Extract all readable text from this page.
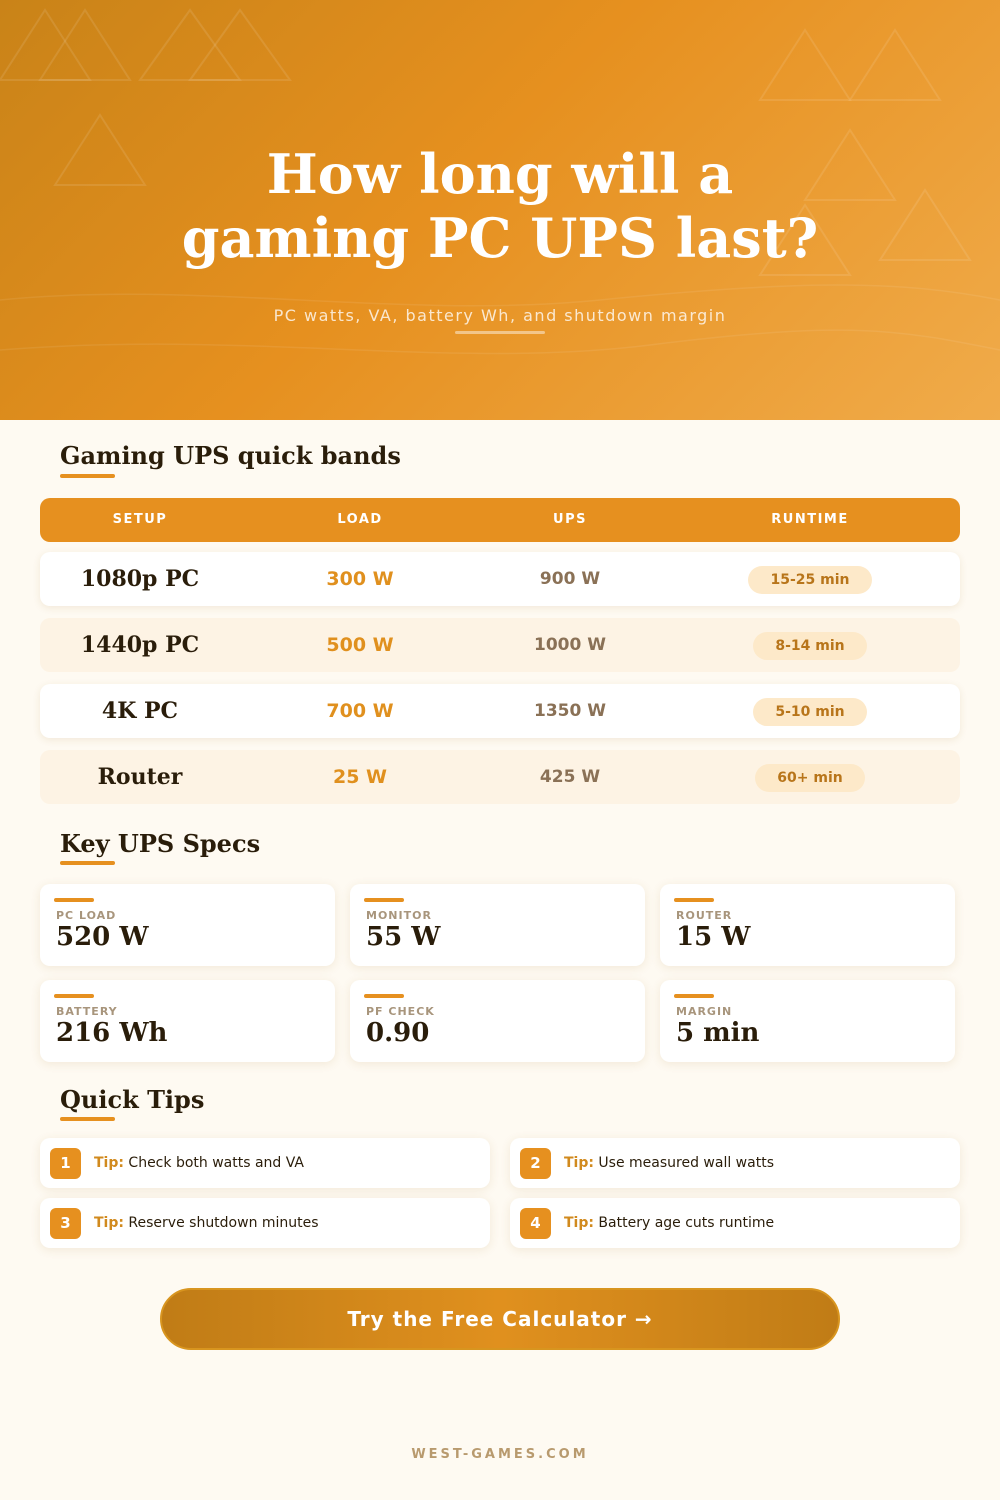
How long will a
gaming PC UPS last?
PC watts, VA, battery Wh, and shutdown margin
Gaming UPS quick bands
SETUP	LOAD	UPS	RUNTIME
1080p PC	300 W	900 W	15-25 min
1440p PC	500 W	1000 W	8-14 min
4K PC	700 W	1350 W	5-10 min
Router	25 W	425 W	60+ min
Key UPS Specs
PC LOAD
520 W
MONITOR
55 W
ROUTER
15 W
BATTERY
216 Wh
PF CHECK
0.90
MARGIN
5 min
Quick Tips
1	Tip: Check both watts and VA	2	Tip: Use measured wall watts
3	Tip: Reserve shutdown minutes	4	Tip: Battery age cuts runtime
Try the Free Calculator →
WEST-GAMES.COM
